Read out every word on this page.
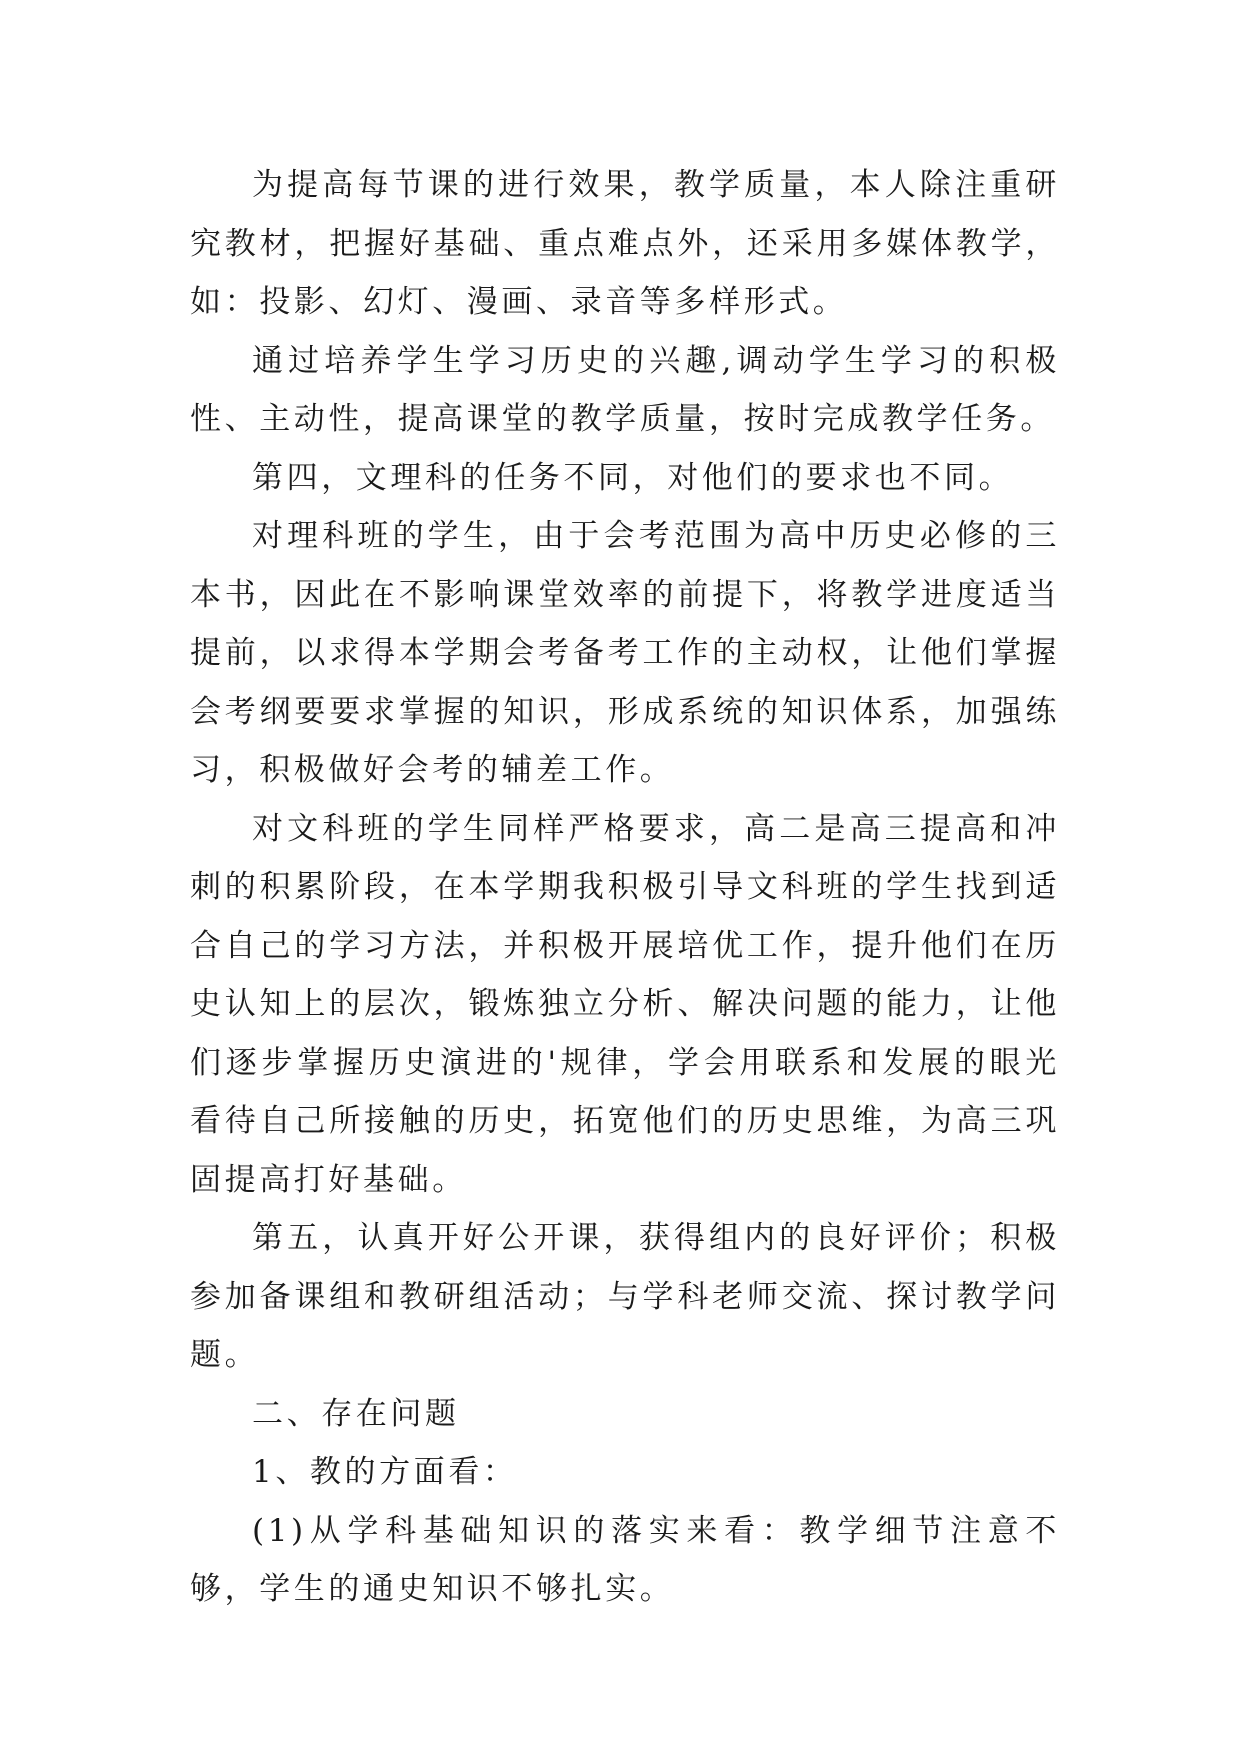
为提高每节课的进行效果，教学质量，本人除注重研究教材，把握好基础、重点难点外，还采用多媒体教学，如：投影、幻灯、漫画、录音等多样形式。

通过培养学生学习历史的兴趣,调动学生学习的积极性、主动性，提高课堂的教学质量，按时完成教学任务。

第四，文理科的任务不同，对他们的要求也不同。

对理科班的学生，由于会考范围为高中历史必修的三本书，因此在不影响课堂效率的前提下，将教学进度适当提前，以求得本学期会考备考工作的主动权，让他们掌握会考纲要要求掌握的知识，形成系统的知识体系，加强练习，积极做好会考的辅差工作。

对文科班的学生同样严格要求，高二是高三提高和冲刺的积累阶段，在本学期我积极引导文科班的学生找到适合自己的学习方法，并积极开展培优工作，提升他们在历史认知上的层次，锻炼独立分析、解决问题的能力，让他们逐步掌握历史演进的'规律，学会用联系和发展的眼光看待自己所接触的历史，拓宽他们的历史思维，为高三巩固提高打好基础。

第五，认真开好公开课，获得组内的良好评价；积极参加备课组和教研组活动；与学科老师交流、探讨教学问题。

二、存在问题

1、教的方面看：

(1)从学科基础知识的落实来看：教学细节注意不够，学生的通史知识不够扎实。
